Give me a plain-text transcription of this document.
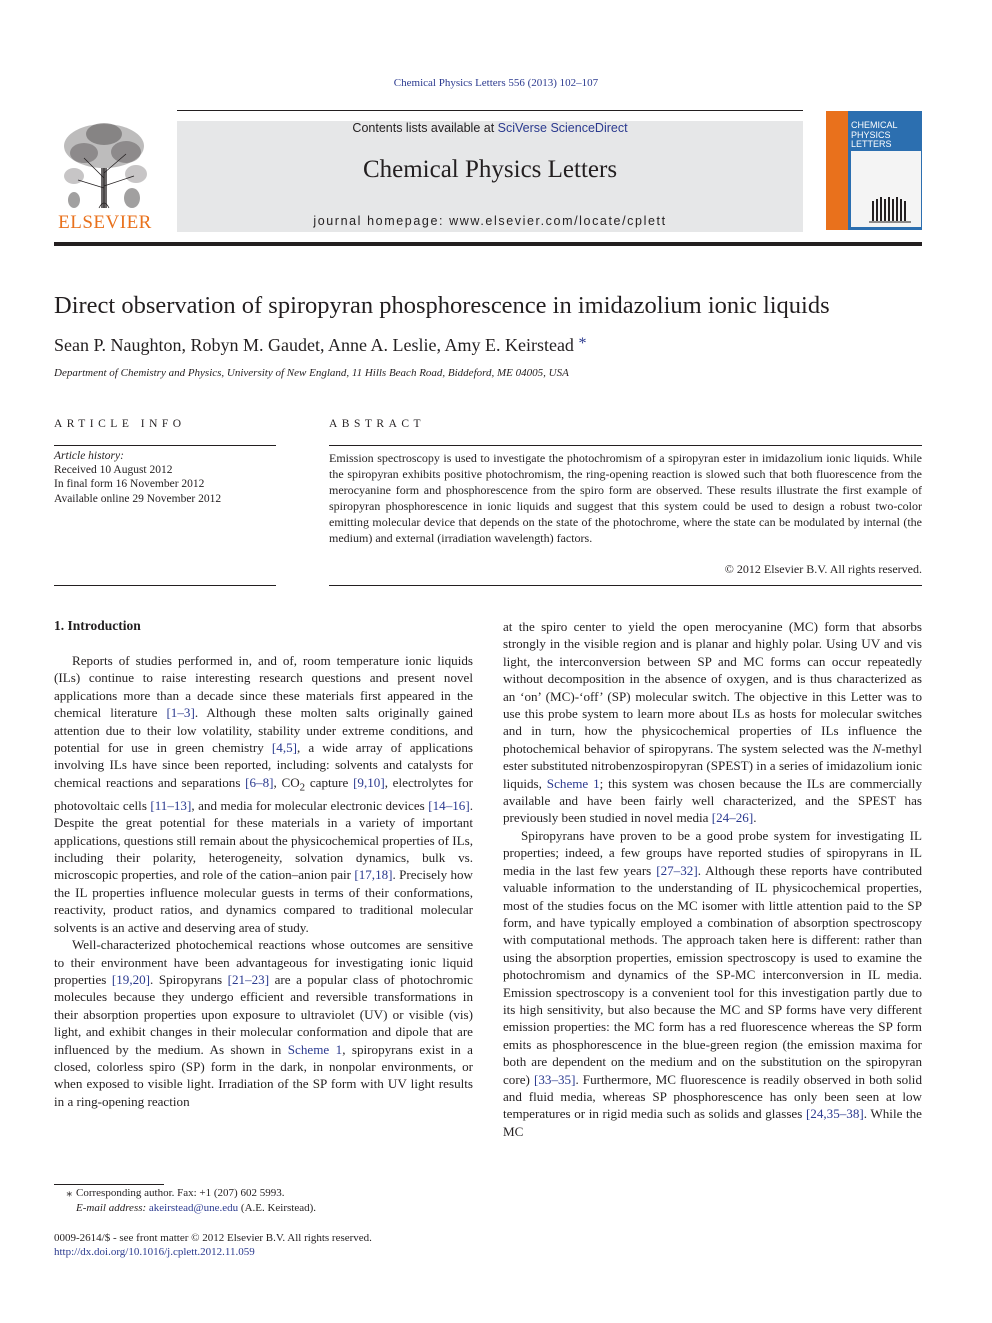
Chemical Physics Letters 556 (2013) 102–107
ELSEVIER
Contents lists available at SciVerse ScienceDirect
Chemical Physics Letters
journal homepage: www.elsevier.com/locate/cplett
CHEMICAL PHYSICS LETTERS
Direct observation of spiropyran phosphorescence in imidazolium ionic liquids
Sean P. Naughton, Robyn M. Gaudet, Anne A. Leslie, Amy E. Keirstead *
Department of Chemistry and Physics, University of New England, 11 Hills Beach Road, Biddeford, ME 04005, USA
ARTICLE INFO
Article history:
Received 10 August 2012
In final form 16 November 2012
Available online 29 November 2012
ABSTRACT
Emission spectroscopy is used to investigate the photochromism of a spiropyran ester in imidazolium ionic liquids. While the spiropyran exhibits positive photochromism, the ring-opening reaction is slowed such that both fluorescence from the merocyanine form and phosphorescence from the spiro form are observed. These results illustrate the first example of spiropyran phosphorescence in ionic liquids and suggest that this system could be used to design a robust two-color emitting molecular device that depends on the state of the photochrome, where the state can be modulated by internal (the medium) and external (irradiation wavelength) factors.
© 2012 Elsevier B.V. All rights reserved.
1. Introduction

Reports of studies performed in, and of, room temperature ionic liquids (ILs) continue to raise interesting research questions and present novel applications more than a decade since these materials first appeared in the chemical literature [1–3]. Although these molten salts originally gained attention due to their low volatility, stability under extreme conditions, and potential for use in green chemistry [4,5], a wide array of applications involving ILs have since been reported, including: solvents and catalysts for chemical reactions and separations [6–8], $CO_2$ capture [9,10], electrolytes for photovoltaic cells [11–13], and media for molecular electronic devices [14–16]. Despite the great potential for these materials in a variety of important applications, questions still remain about the physicochemical properties of ILs, including their polarity, heterogeneity, solvation dynamics, bulk vs. microscopic properties, and role of the cation–anion pair [17,18]. Precisely how the IL properties influence molecular guests in terms of their conformations, reactivity, product ratios, and dynamics compared to traditional molecular solvents is an active and deserving area of study.

Well-characterized photochemical reactions whose outcomes are sensitive to their environment have been advantageous for investigating ionic liquid properties [19,20]. Spiropyrans [21–23] are a popular class of photochromic molecules because they undergo efficient and reversible transformations in their absorption properties upon exposure to ultraviolet (UV) or visible (vis) light, and exhibit changes in their molecular conformation and dipole that are influenced by the medium. As shown in Scheme 1, spiropyrans exist in a closed, colorless spiro (SP) form in the dark, in nonpolar environments, or when exposed to visible light. Irradiation of the SP form with UV light results in a ring-opening reaction

at the spiro center to yield the open merocyanine (MC) form that absorbs strongly in the visible region and is planar and highly polar. Using UV and vis light, the interconversion between SP and MC forms can occur repeatedly without decomposition in the absence of oxygen, and is thus characterized as an ‘on’ (MC)-‘off’ (SP) molecular switch. The objective in this Letter was to use this probe system to learn more about ILs as hosts for molecular switches and in turn, how the physicochemical properties of ILs influence the photochemical behavior of spiropyrans. The system selected was the N-methyl ester substituted nitrobenzospiropyran (SPEST) in a series of imidazolium ionic liquids, Scheme 1; this system was chosen because the ILs are commercially available and have been fairly well characterized, and the SPEST has previously been studied in novel media [24–26].

Spiropyrans have proven to be a good probe system for investigating IL properties; indeed, a few groups have reported studies of spiropyrans in IL media in the last few years [27–32]. Although these reports have contributed valuable information to the understanding of IL physicochemical properties, most of the studies focus on the MC isomer with little attention paid to the SP form, and have typically employed a combination of absorption spectroscopy with computational methods. The approach taken here is different: rather than using the absorption properties, emission spectroscopy is used to examine the photochromism and dynamics of the SP-MC interconversion in IL media. Emission spectroscopy is a convenient tool for this investigation partly due to its high sensitivity, but also because the MC and SP forms have very different emission properties: the MC form has a red fluorescence whereas the SP form emits as phosphorescence in the blue-green region (the emission maxima for both are dependent on the medium and on the substitution on the spiropyran core) [33–35]. Furthermore, MC fluorescence is readily observed in both solid and fluid media, whereas SP phosphorescence has only been seen at low temperatures or in rigid media such as solids and glasses [24,35–38]. While the MC

⁎ Corresponding author. Fax: +1 (207) 602 5993.
E-mail address: akeirstead@une.edu (A.E. Keirstead).
0009-2614/$ - see front matter © 2012 Elsevier B.V. All rights reserved.
http://dx.doi.org/10.1016/j.cplett.2012.11.059
